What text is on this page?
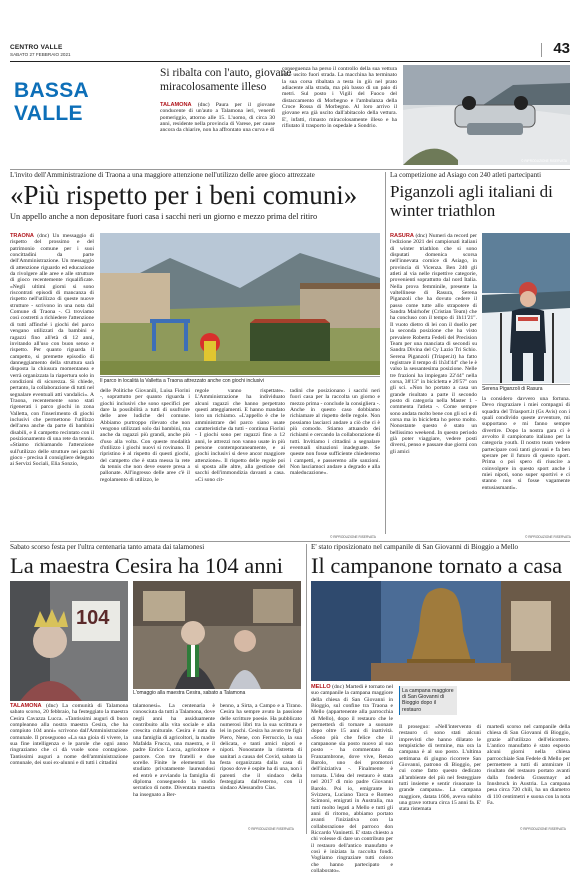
CENTRO VALLE
SABATO 27 FEBBRAIO 2021	43
BASSA
VALLE
Si ribalta con l'auto, giovane miracolosamente illeso

TALAMONA (dnc) Paura per il giovane conducente di un'auto a Talamona ieri, venerdì pomeriggio, attorno alle 15. L'uomo, di circa 30 anni, residente nella provincia di Varese, per cause ancora da chiarire, non ha affrontato una curva e di

conseguenza ha perso il controllo della sua vettura ed è uscito fuori strada. La macchina ha terminato la sua corsa ribaltata a testa in giù nel prato adiacente alla strada, ma più basso di un paio di metri. Sul posto i Vigili del Fuoco del distaccamento di Morbegno e l'ambulanza della Croce Rossa di Morbegno. Al loro arrivo il giovane era già uscito dall'abitacolo della vettura. E', infatti, rimasto miracolosamente illeso e ha rifiutato il trasporto in ospedale a Sondrio.

© RIPRODUZIONE RISERVATA
L'invito dell'Amministrazione di Traona a una maggiore attenzione nell'utilizzo delle aree gioco attrezzate
«Più rispetto per i beni comuni»
Un appello anche a non depositare fuori casa i sacchi neri un giorno e mezzo prima del ritiro

TRAONA (dnc) Un messaggio di rispetto del prossimo e del patrimonio comune per i suoi concittadini da parte dell'Amministrazione. Un messaggio di attenzione riguardo ed educazione da rivolgere alle aree e alle strutture di gioco recentemente riqualificate. «Negli ultimi giorni si sono riscontrati episodi di mancanza di rispetto nell'utilizzo di queste nuove strutture - scrivono in una nota dal Comune di Traona -. Ci troviamo così costretti a richiedere l'attenzione di tutti affinché i giochi del parco vengano utilizzati da bambini e ragazzi fino all'età di 12 anni, invitando all'uso con buon senso e rispetto. Per quanto riguarda il campetto, si premette episodio di danneggiamento della struttura sarà disposta la chiusura momentanea e verrà organizzata la riapertura solo in condizioni di sicurezza. Si chiede, pertanto, la collaborazione di tutti nel segnalare eventuali atti vandalici». A Traona, recentemente sono stati rigenerati i parco giochi in zona Valletta, con l'inserimento di giochi inclusivi che permettono l'utilizzo dell'area anche da parte di bambini disabili, e il campetto recintato con il posizionamento di una rete da tennis. «Stiamo richiamando l'attenzione sull'utilizzo delle strutture nei parchi gioco - precisa il consigliere delegato ai Servizi Sociali, Elia Sonzio,

Il parco in località la Valletta a Traona attrezzato anche con giochi inclusivi

delle Politiche Giovanili, Luisa Fiorini -, soprattutto per quanto riguarda i giochi inclusivi che sono specifici per dare la possibilità a tutti di usufruire delle aree ludiche del comune. Abbiamo purtroppo rilevato che non vengono utilizzati solo dai bambini, ma anche da ragazzi più grandi, anche più d'uso alla volta. Con queste modalità d'utilizzo i giochi nuovi si rovinano. Il ripristino è al rispetto di questi giochi, del campetto che è stata messa la rete da tennis che non deve essere presa a pallonate. All'ingresso delle aree c'è il regolamento di utilizzo, le

regole vanno rispettate». L'Amministrazione ha individuato alcuni ragazzi che hanno perpetrato questi atteggiamenti. E hanno mandato loro un richiamo. «L'appello è che le amministrare del parco siano usate caratteristiche da tutti - continua Fiorini - I giochi sono per ragazzi fino a 12 anni, le attrezzi non vanno usate in più persone contemporaneamente, e ai giochi inclusivi si deve ancor maggiore attenzione». Il rispetto delle regole poi si sposta alle altre, alla gestione del sacchi dell'immondizia davanti a casa. «Ci sono cit-

tadini che posizionano i sacchi neri fuori casa per la raccolta un giorno e mezzo prima - conclude la consigliera -. Anche in questo caso dobbiamo richiamare al rispetto delle regole. Non possiamo lasciarci andare a ciò che ci è più comodo. Stiamo attuando dei richiami e cercando la collaborazione di tutti. Invitiamo i cittadini a segnalare eventuali situazioni inadeguate. Se queste non fosse sufficiente chiederemo i campetti, e passeremo alle sanzioni. Non lasciamoci andare a degrado e alla maleducazione».

© RIPRODUZIONE RISERVATA
La competizione ad Asiago con 240 atleti partecipanti
Piganzoli agli italiani di winter triathlon

RASURA (dnc) Numeri da record per l'edizione 2021 dei campionati italiani di winter triathlon che si sono disputati domenica scorsa nell'innevata cornice di Asiago, in provincia di Vicenza. Ben 240 gli atleti al via nelle rispettive categorie, provenienti soprattutto dal nord Italia. Nella prova femminile, presente la valtellinese di Rasura, Serena Piganzoli che ha dovuto cedere il passo come tutte allo strapotere di Sandra Mairhofer (Cristian Team) che ha concluso con il tempo di 1h11'21". Il vuoto dietro di lei con il duello per la seconda posizione che ha visto prevalere Roberta Fedeli del Precision Team per una manciata di secondi su Sandra Divina del Cy Lazio Tri Schio. Serena Piganzoli (Triaper.it) ha fatto registrare il tempo di 1h34'44" che le è valso la sessantesima posizione. Nelle tre frazioni ha impiegato 22'44" nella corsa, 38'13" in bicicletta e 26'57" con gli sci. «Non ho portato a casa un grande risultato a parte il secondo posto di categoria nella Master 1 - commenta l'atleta -. Come sempre sono andata molto bene con gli sci e di corsa ma in bicicletta ho perso molto. Nonostante questo è stato un bellissimo weekend. In questo periodo già poter viaggiare, vedere posti diversi, penso e passare due giorni con gli amici

Serena Piganzoli di Rasura

la considero davvero una fortuna. Devo ringraziare i miei compagni di squadra del Triasport.it (Gs Avis) con i quali condivido queste avventure, mi supportano e mi fanno sempre divertire. Dopo la nostra gara ci è avvolto il campionato italiano per la categoria youth. Il nostro team vedere partecipare così tanti giovani e fa ben sperare per il futuro di questo sport. Prima o poi spero di riuscire a coinvolgere in questo sport anche i miei nipoti, sono super sportivi e ci stanno non si fosse vagamente entusiasmanti».

© RIPRODUZIONE RISERVATA
Sabato scorso festa per l'ultra centenaria tanto amata dai talamonesi
La maestra Cesira ha 104 anni
104

TALAMONA (dnc) La comunità di Talamona sabato scorso, 20 febbraio, ha festeggiato la maestra Cesira Cavazza Lucca. «Tantissimi auguri di buon compleanno alla nostra maestra Cesira, che ha compiuto 104 anni» scrivono dall'Amministrazione comunale. Il proseguono «La sua gioia di vivere, la sua fine intelligenza e le parole che ogni anno ringraziamo che ci dà vuole sono contagiose. Tantissimi auguri a nome dell'amministrazione comunale, dei suoi ex-alunni e di tutti i cittadini

L'omaggio alla maestra Cesira, sabato a Talamona

talamonesi». La centenaria è conosciuta da tutti a Talamona, dove negli anni ha assiduamente contribuito alla vita sociale e alla crescita culturale. Cesira è nata da una famiglia di agricoltori, la madre Mafalda Frucca, una maestra, e il padre Enrico Lucca, agricoltore e pastore. Con tre fratelli e due sorelle. Finite le elementari ha studiato privatamente laureandosi ed entrò e avviando la famiglia di diploma conseguendo la studio serratico di notte. Diventata maestra ha insegnato a Ber-

benno, a Sirta, a Campo e a Tirano. Cesira ha sempre avuto la passione delle scritture poesie. Ha pubblicato numerosi libri tra la sua scrittura e lei in pochi. Cesira ha avuto tre figli Piero, Nene, con Ferruccio, la sua delicata, e tanti amici nipoti e nipoti. Nonostante la ristretta di sanitari a causa del Covid, sabato la festa organizzata dalla casa di riposo dove è ospite ha di una, non i parenti che il sindaco della festeggiata dall'esterno, con il sindaco Alessandro Cias.

© RIPRODUZIONE RISERVATA
E' stato riposizionato nel campanile di San Giovanni di Bioggio a Mello
Il campanone tornato a casa

MELLO (dnc) Martedì è tornato nel suo campanile la campana maggiore della chiesa di San Giovanni in Bioggio, sul confine tra Traona e Mello (appartenente alla parrocchia di Mello), dopo il restauro che le permetterà di tornare a suonare dopo oltre 15 anni di inattività. «Sono più che felice che il campanone sia posto nuovo al suo posto - ha commentato da Franzambrone, dove vive, Renzo Barolo, uno dei promotori dell'iniziativa -. Finalmente è tornata. L'idea del restauro è stata nel 2017 di mio padre Giovanni Barolo. Poi io, emigrante in Svizzera, Luciano Tarca e Romeo Scimoni, emigrati in Australia, ma tutti molto legati a Mello e tutti gli anni di ritorno, abbiamo portato avanti l'iniziativa con la collaborazione del parroco don Riccardo Vaninetti. E' stata chiesto a chi volesse di dare un contributo per il restauro dell'antico manufatto e così è iniziata la raccolta fondi. Vogliamo ringraziare tutti coloro che hanno partecipato e collaborato».

La campana maggiore di San Giovanni di Bioggio dopo il restauro

Il proseguo: «Nell'intervento di restauro ci sono stati alcuni imprevisti che hanno dilatato le tempistiche di termine, ma ora la campana è al suo posto. L'ultima settimana di giugno ricorrere San Giovanni, patrono di Bioggio, per cui come fatto questo dedicato all'ambiente del più nel festeggiare tutti insieme e sentir risuonare la grande campana». La campana maggiore, datata 1606, aveva subito una grave rottura circa 15 anni fa. E' stata ristemata

martedì scorso nel campanile della chiesa di San Giovanni di Bioggio, grazie all'utilizzo dell'elicottero. L'antico manufatto è stato esposto alcuni giorni nella chiesa parrocchiale San Fedele di Mello per permettere a tutti di ammirare il risultato del restauro portato avanti dalla fonderia Grassmayr ad Innsbruck in Austria. La campana pesa circa 720 chili, ha un diametro di 110 centimetri e suona con la nota Fa.

© RIPRODUZIONE RISERVATA
